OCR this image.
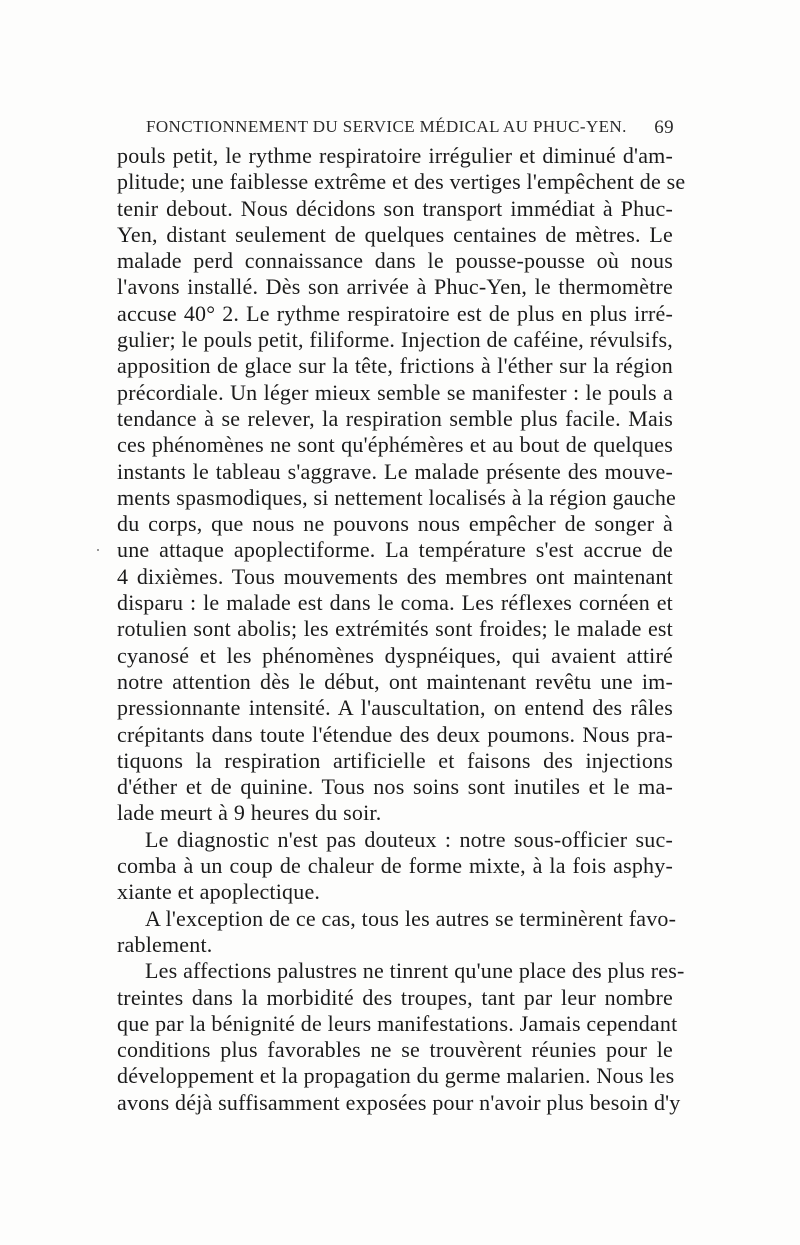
FONCTIONNEMENT DU SERVICE MÉDICAL AU PHUC-YEN. 69
pouls petit, le rythme respiratoire irrégulier et diminué d'am-
plitude; une faiblesse extrême et des vertiges l'empêchent de se
tenir debout. Nous décidons son transport immédiat à Phuc-
Yen, distant seulement de quelques centaines de mètres. Le
malade perd connaissance dans le pousse-pousse où nous
l'avons installé. Dès son arrivée à Phuc-Yen, le thermomètre
accuse 40° 2. Le rythme respiratoire est de plus en plus irré-
gulier; le pouls petit, filiforme. Injection de caféine, révulsifs,
apposition de glace sur la tête, frictions à l'éther sur la région
précordiale. Un léger mieux semble se manifester : le pouls a
tendance à se relever, la respiration semble plus facile. Mais
ces phénomènes ne sont qu'éphémères et au bout de quelques
instants le tableau s'aggrave. Le malade présente des mouve-
ments spasmodiques, si nettement localisés à la région gauche
du corps, que nous ne pouvons nous empêcher de songer à
une attaque apoplectiforme. La température s'est accrue de
4 dixièmes. Tous mouvements des membres ont maintenant
disparu : le malade est dans le coma. Les réflexes cornéen et
rotulien sont abolis; les extrémités sont froides; le malade est
cyanosé et les phénomènes dyspnéiques, qui avaient attiré
notre attention dès le début, ont maintenant revêtu une im-
pressionnante intensité. A l'auscultation, on entend des râles
crépitants dans toute l'étendue des deux poumons. Nous pra-
tiquons la respiration artificielle et faisons des injections
d'éther et de quinine. Tous nos soins sont inutiles et le ma-
lade meurt à 9 heures du soir.
Le diagnostic n'est pas douteux : notre sous-officier suc-
comba à un coup de chaleur de forme mixte, à la fois asphy-
xiante et apoplectique.
A l'exception de ce cas, tous les autres se terminèrent favo-
rablement.
Les affections palustres ne tinrent qu'une place des plus res-
treintes dans la morbidité des troupes, tant par leur nombre
que par la bénignité de leurs manifestations. Jamais cependant
conditions plus favorables ne se trouvèrent réunies pour le
développement et la propagation du germe malarien. Nous les
avons déjà suffisamment exposées pour n'avoir plus besoin d'y
